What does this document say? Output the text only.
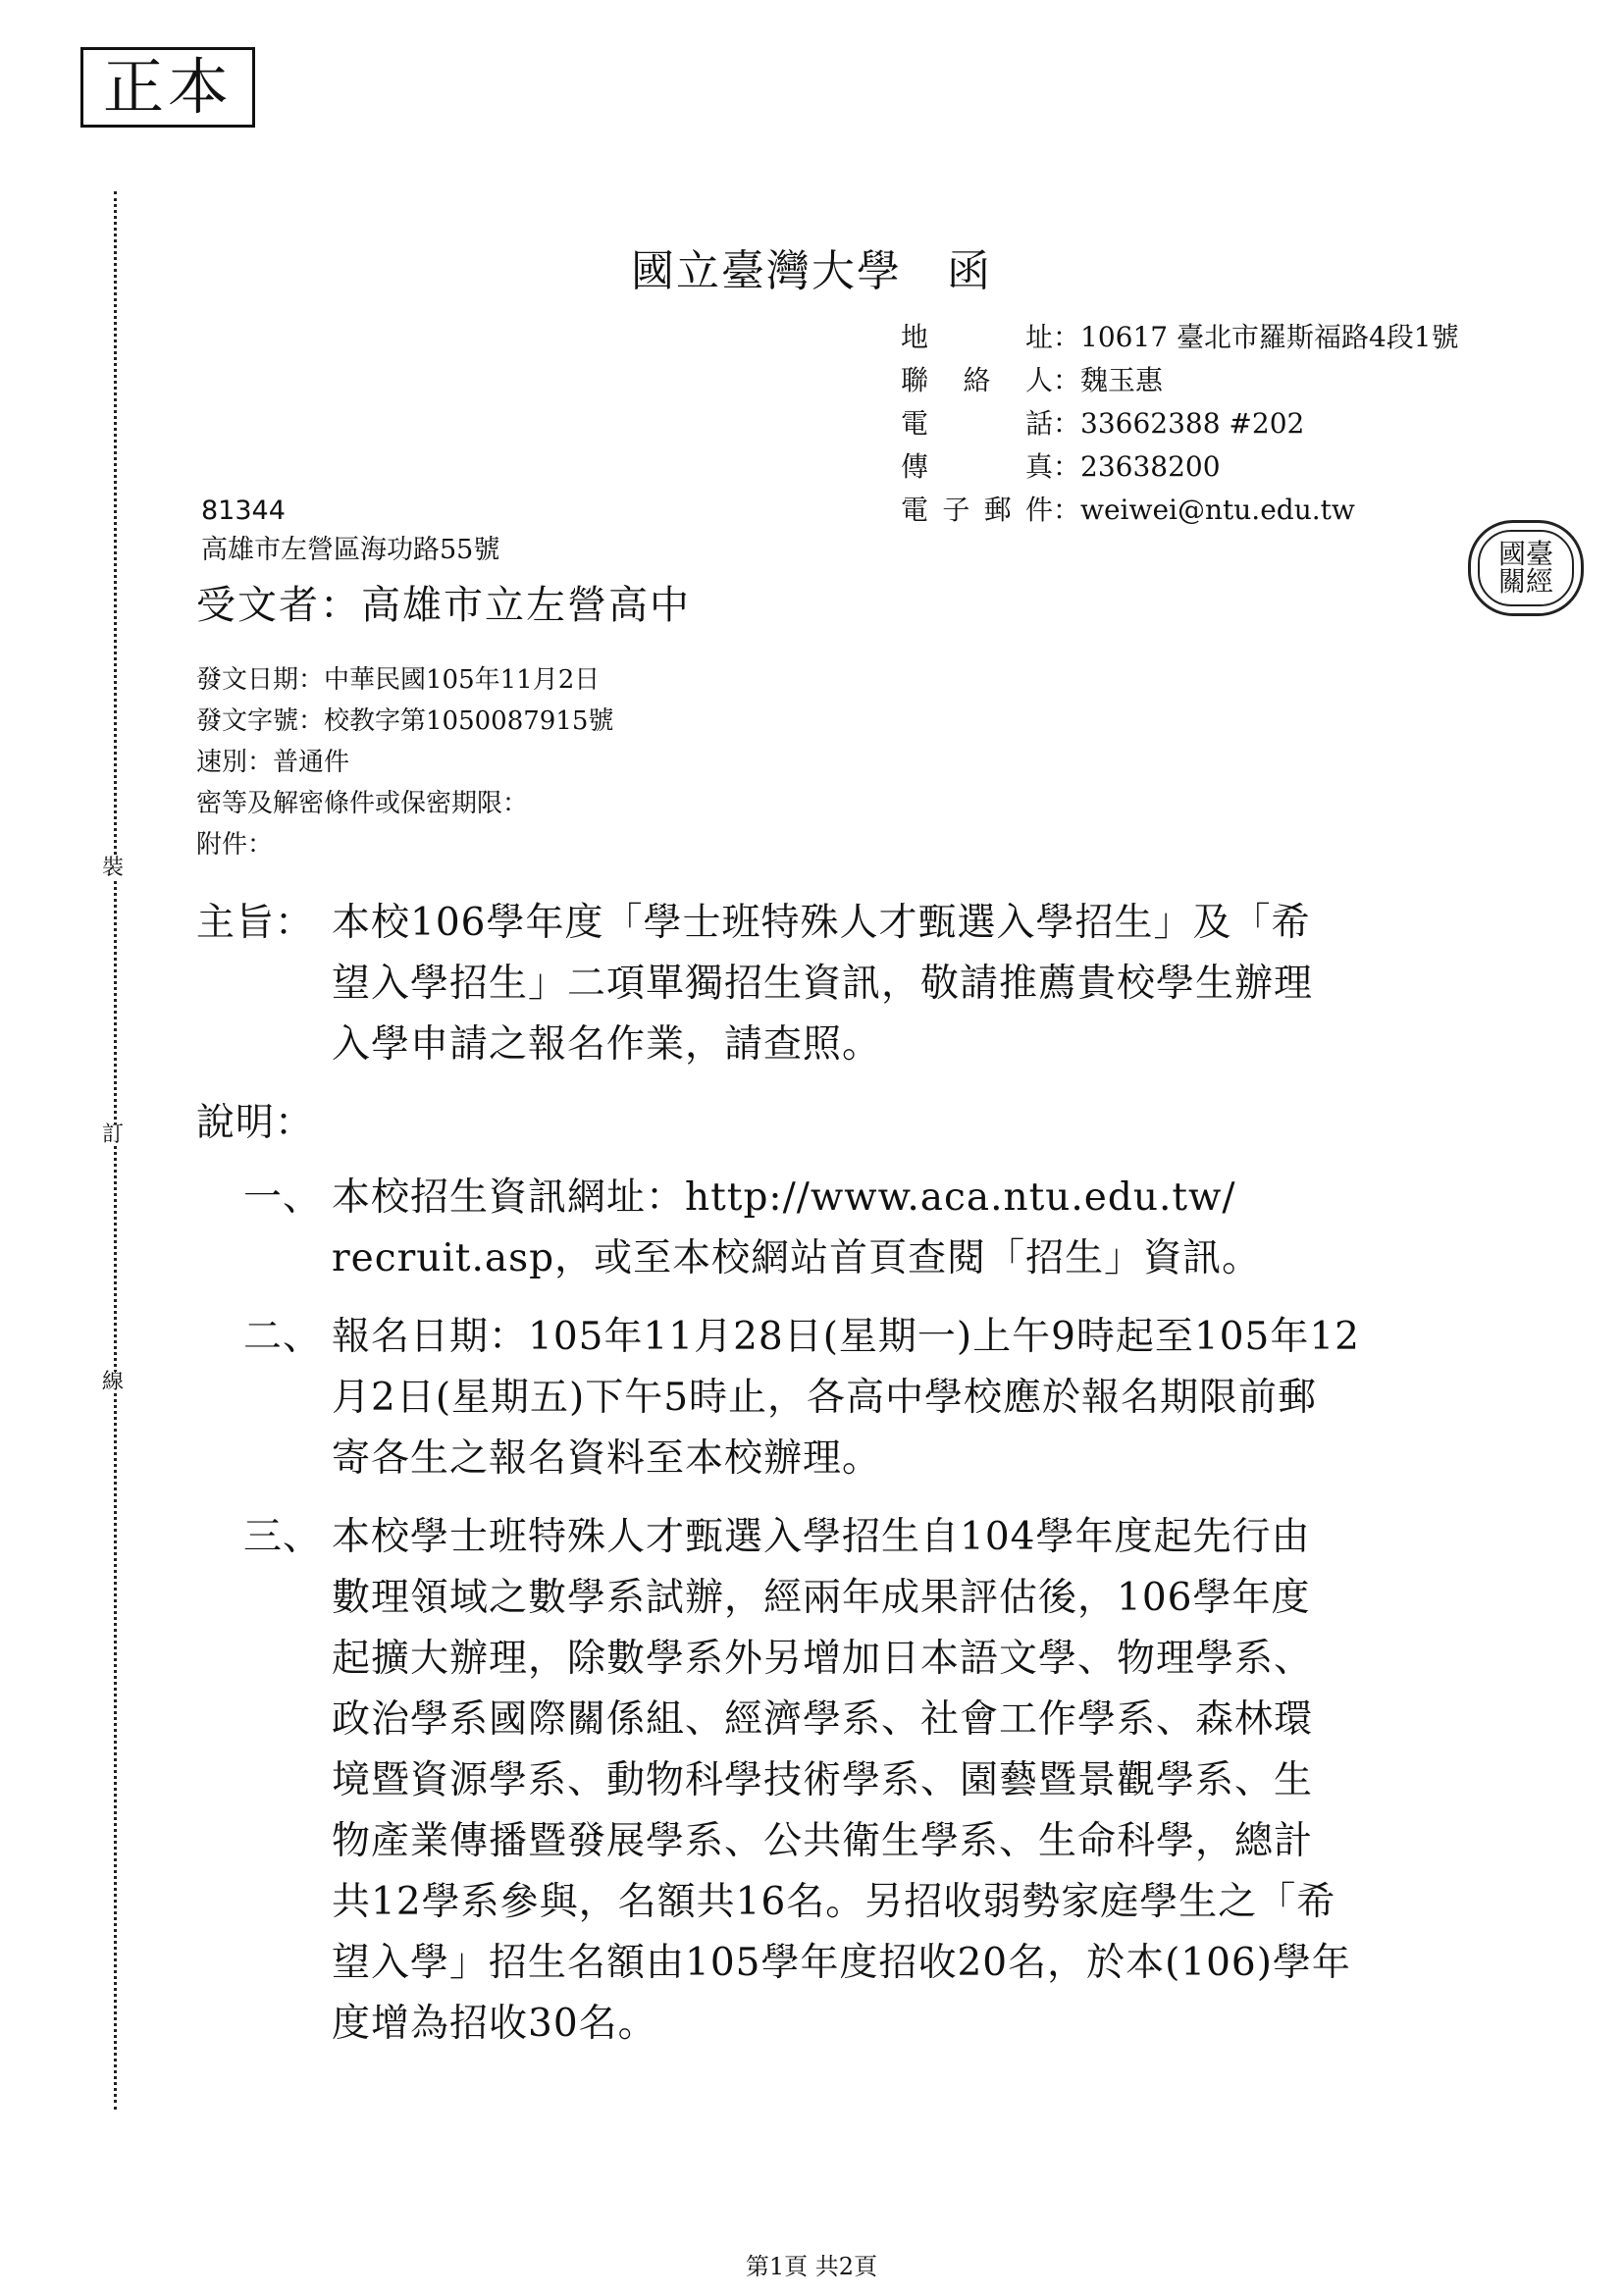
正本
裝
訂
線
國立臺灣大學　函
地址：10617 臺北市羅斯福路4段1號
聯絡人：魏玉惠
電話：33662388 #202
傳真：23638200
電子郵件：weiwei@ntu.edu.tw
國臺
關經
81344
高雄市左營區海功路55號
受文者：高雄市立左營高中
發文日期：中華民國105年11月2日
發文字號：校教字第1050087915號
速別：普通件
密等及解密條件或保密期限：
附件：
主旨： 本校106學年度「學士班特殊人才甄選入學招生」及「希
望入學招生」二項單獨招生資訊，敬請推薦貴校學生辦理
入學申請之報名作業，請查照。
說明：
一、 本校招生資訊網址：http://www.aca.ntu.edu.tw/
recruit.asp，或至本校網站首頁查閱「招生」資訊。
二、 報名日期：105年11月28日(星期一)上午9時起至105年12
月2日(星期五)下午5時止，各高中學校應於報名期限前郵
寄各生之報名資料至本校辦理。
三、 本校學士班特殊人才甄選入學招生自104學年度起先行由
數理領域之數學系試辦，經兩年成果評估後，106學年度
起擴大辦理，除數學系外另增加日本語文學、物理學系、
政治學系國際關係組、經濟學系、社會工作學系、森林環
境暨資源學系、動物科學技術學系、園藝暨景觀學系、生
物產業傳播暨發展學系、公共衛生學系、生命科學，總計
共12學系參與，名額共16名。另招收弱勢家庭學生之「希
望入學」招生名額由105學年度招收20名，於本(106)學年
度增為招收30名。
第1頁 共2頁
